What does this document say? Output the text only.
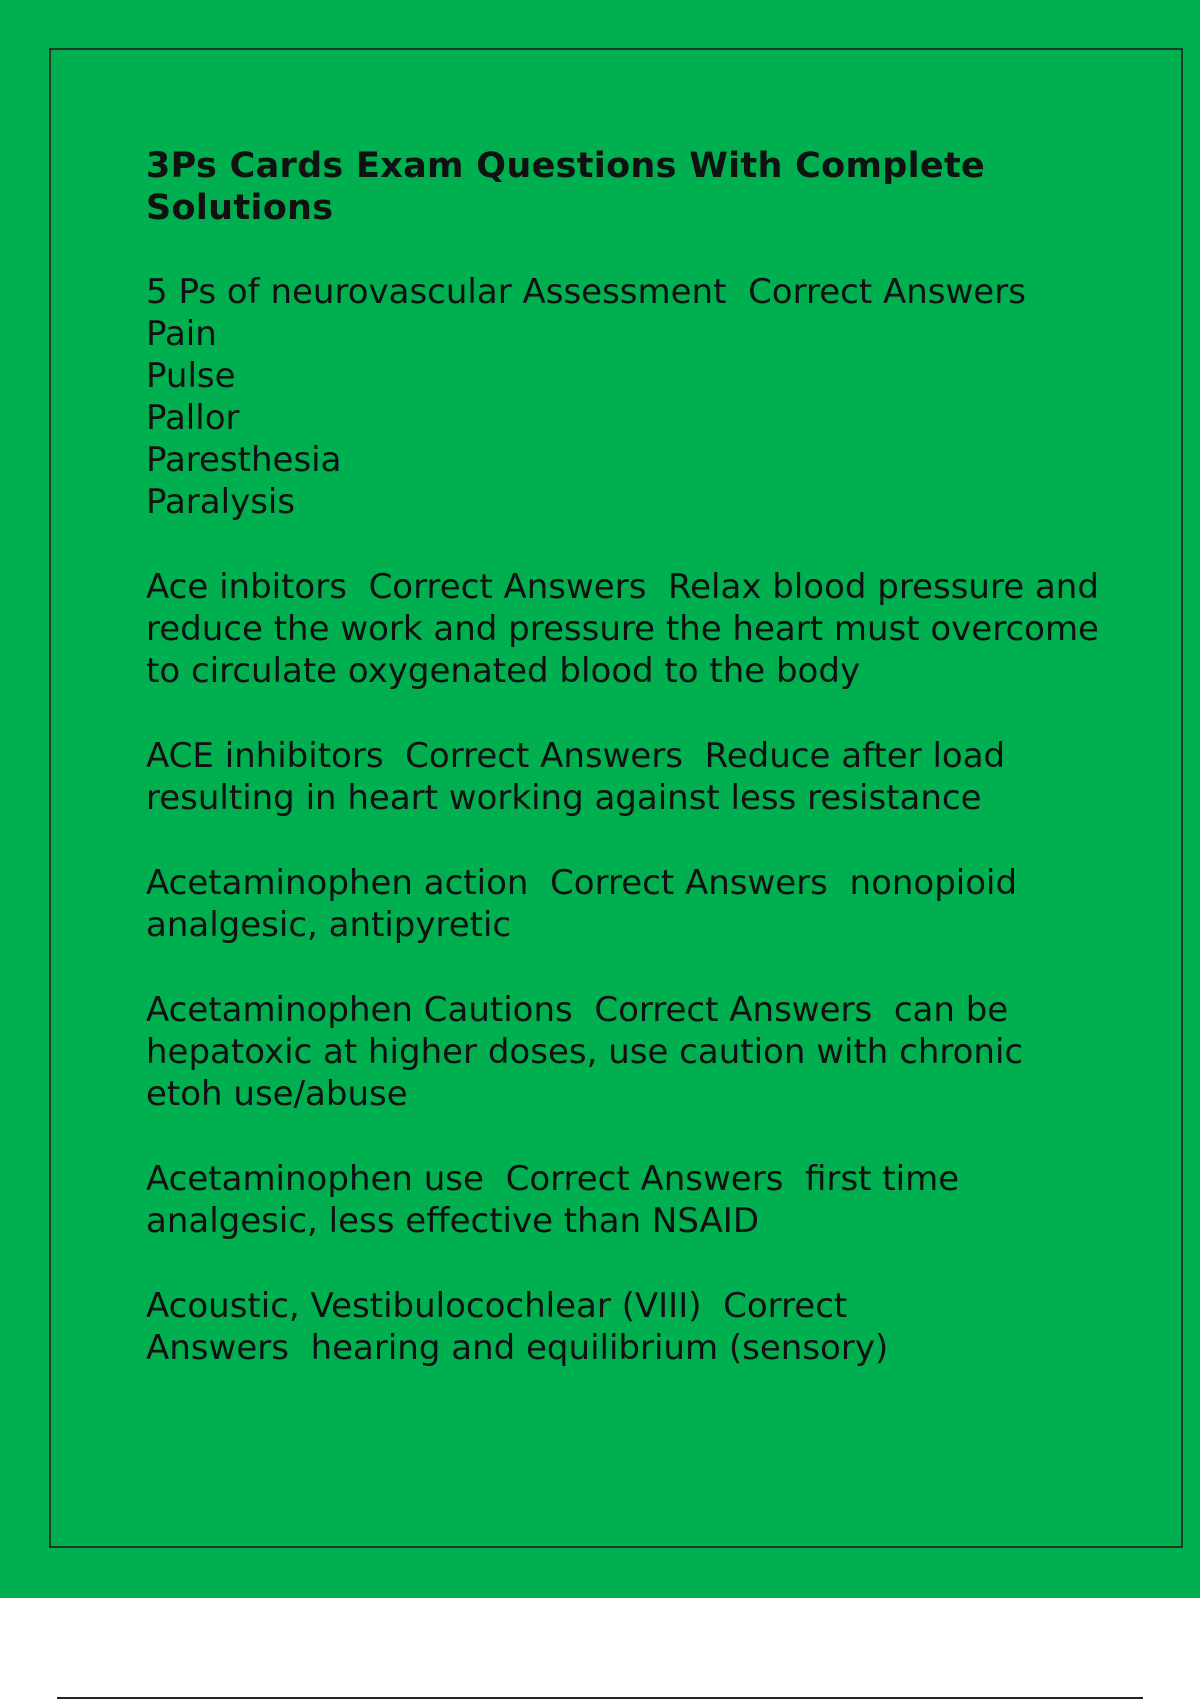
3Ps Cards Exam Questions With Complete Solutions
5 Ps of neurovascular Assessment Correct Answers
Pain
Pulse
Pallor
Paresthesia
Paralysis
Ace inbitors Correct Answers Relax blood pressure and reduce the work and pressure the heart must overcome to circulate oxygenated blood to the body
ACE inhibitors Correct Answers Reduce after load resulting in heart working against less resistance
Acetaminophen action Correct Answers nonopioid analgesic, antipyretic
Acetaminophen Cautions Correct Answers can be hepatoxic at higher doses, use caution with chronic etoh use/abuse
Acetaminophen use Correct Answers first time analgesic, less effective than NSAID
Acoustic, Vestibulocochlear (VIII) Correct Answers hearing and equilibrium (sensory)
